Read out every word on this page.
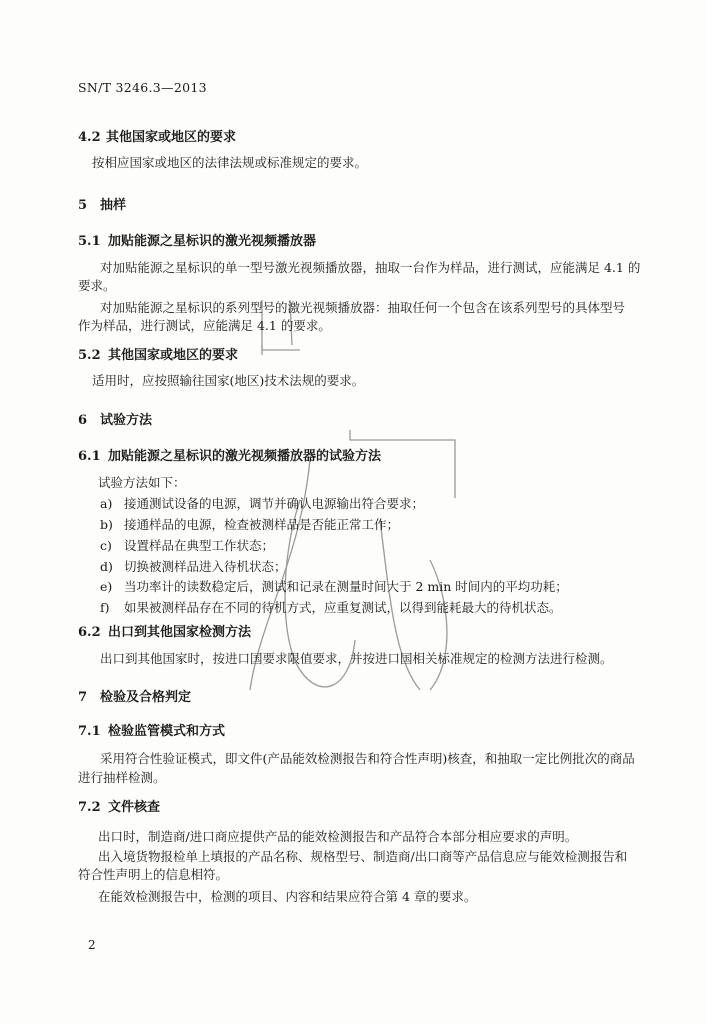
SN/T 3246.3—2013
4.2 其他国家或地区的要求
按相应国家或地区的法律法规或标准规定的要求。
5 抽样
5.1 加贴能源之星标识的激光视频播放器
对加贴能源之星标识的单一型号激光视频播放器，抽取一台作为样品，进行测试，应能满足 4.1 的
要求。
对加贴能源之星标识的系列型号的激光视频播放器：抽取任何一个包含在该系列型号的具体型号
作为样品，进行测试，应能满足 4.1 的要求。
5.2 其他国家或地区的要求
适用时，应按照输往国家(地区)技术法规的要求。
6 试验方法
6.1 加贴能源之星标识的激光视频播放器的试验方法
试验方法如下：
a) 接通测试设备的电源，调节并确认电源输出符合要求；
b) 接通样品的电源，检查被测样品是否能正常工作；
c) 设置样品在典型工作状态；
d) 切换被测样品进入待机状态；
e) 当功率计的读数稳定后，测试和记录在测量时间大于 2 min 时间内的平均功耗；
f) 如果被测样品存在不同的待机方式，应重复测试，以得到能耗最大的待机状态。
6.2 出口到其他国家检测方法
出口到其他国家时，按进口国要求限值要求，并按进口国相关标准规定的检测方法进行检测。
7 检验及合格判定
7.1 检验监管模式和方式
采用符合性验证模式，即文件(产品能效检测报告和符合性声明)核查，和抽取一定比例批次的商品
进行抽样检测。
7.2 文件核查
出口时，制造商/进口商应提供产品的能效检测报告和产品符合本部分相应要求的声明。
出入境货物报检单上填报的产品名称、规格型号、制造商/出口商等产品信息应与能效检测报告和
符合性声明上的信息相符。
在能效检测报告中，检测的项目、内容和结果应符合第 4 章的要求。
2
